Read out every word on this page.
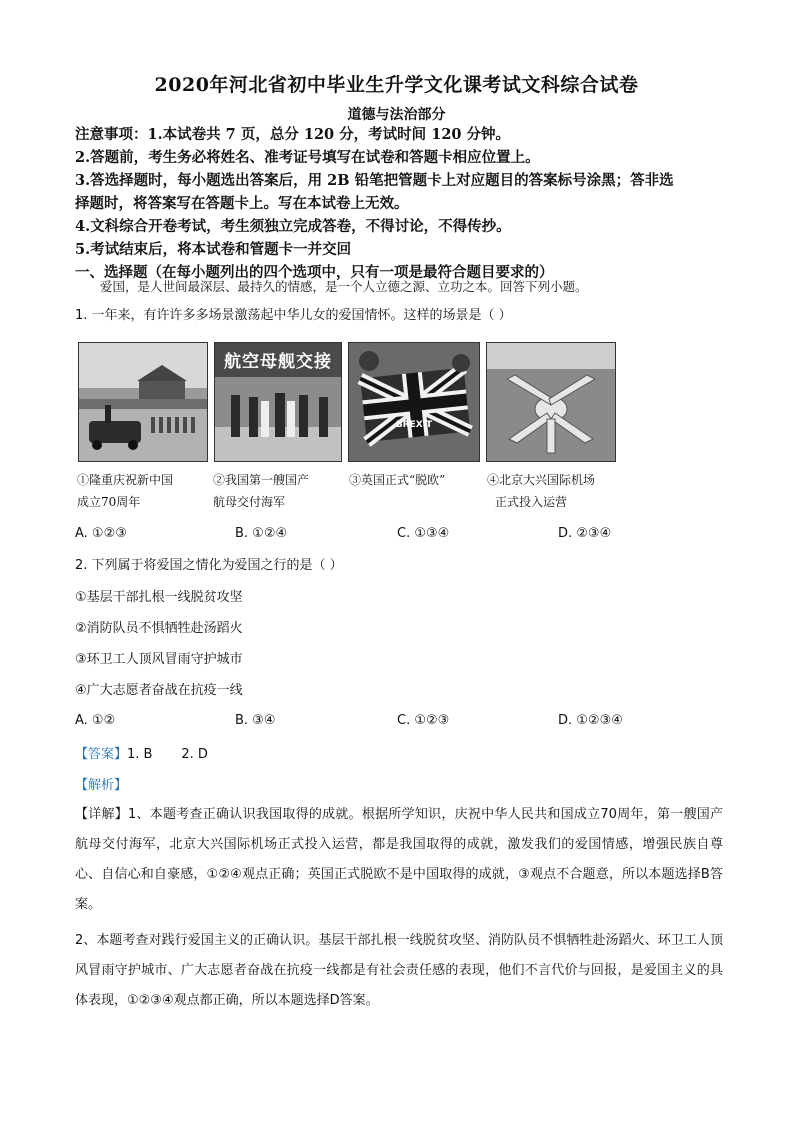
2020年河北省初中毕业生升学文化课考试文科综合试卷
道德与法治部分
注意事项：1.本试卷共 7 页，总分 120 分，考试时间 120 分钟。
2.答题前，考生务必将姓名、准考证号填写在试卷和答题卡相应位置上。
3.答选择题时，每小题选出答案后，用 2B 铅笔把管题卡上对应题目的答案标号涂黑；答非选
择题时，将答案写在答题卡上。写在本试卷上无效。
4.文科综合开卷考试，考生须独立完成答卷，不得讨论，不得传抄。
5.考试结束后，将本试卷和管题卡一并交回
一、选择题（在每小题列出的四个选项中，只有一项是最符合题目要求的）
爱国，是人世间最深层、最持久的情感，是一个人立德之源、立功之本。回答下列小题。
1. 一年来，有许许多多场景激荡起中华儿女的爱国情怀。这样的场景是（ ）
航空母舰交接
BREXIT
①隆重庆祝新中国
成立70周年
②我国第一艘国产
航母交付海军
③英国正式“脱欧”	④北京大兴国际机场
正式投入运营
A. ①②③	B. ①②④	C. ①③④	D. ②③④
2. 下列属于将爱国之情化为爱国之行的是（ ）
①基层干部扎根一线脱贫攻坚
②消防队员不惧牺牲赴汤蹈火
③环卫工人顶风冒雨守护城市
④广大志愿者奋战在抗疫一线
A. ①②	B. ③④	C. ①②③	D. ①②③④
【答案】1. B       2. D
【解析】
【详解】1、本题考查正确认识我国取得的成就。根据所学知识，庆祝中华人民共和国成立70周年，第一艘国产航母交付海军，北京大兴国际机场正式投入运营，都是我国取得的成就，激发我们的爱国情感，增强民族自尊心、自信心和自豪感，①②④观点正确；英国正式脱欧不是中国取得的成就，③观点不合题意，所以本题选择B答案。
2、本题考查对践行爱国主义的正确认识。基层干部扎根一线脱贫攻坚、消防队员不惧牺牲赴汤蹈火、环卫工人顶风冒雨守护城市、广大志愿者奋战在抗疫一线都是有社会责任感的表现，他们不言代价与回报，是爱国主义的具体表现，①②③④观点都正确，所以本题选择D答案。
